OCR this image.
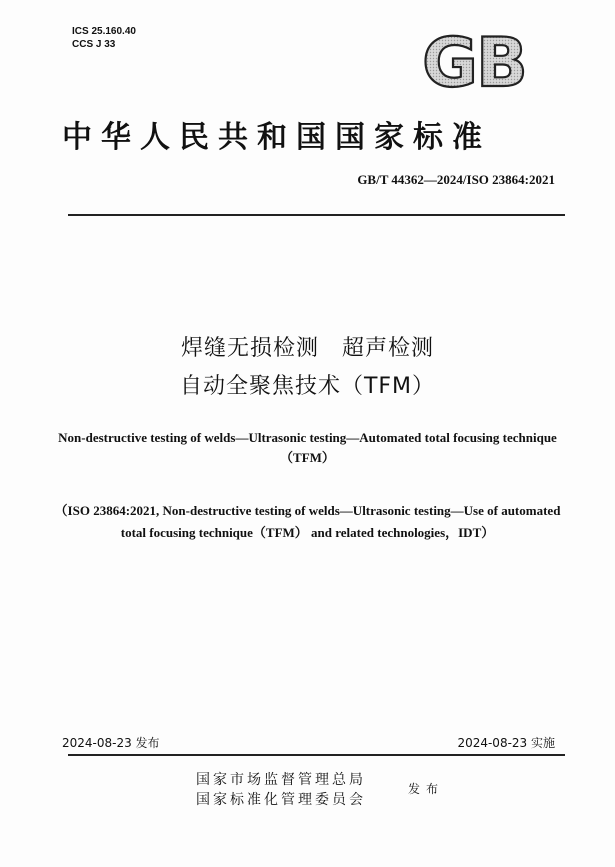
ICS 25.160.40
CCS J 33	GB
中华人民共和国国家标准
GB/T 44362—2024/ISO 23864:2021
焊缝无损检测　超声检测
自动全聚焦技术（TFM）
Non-destructive testing of welds—Ultrasonic testing—Automated total focusing technique（TFM）
（ISO 23864:2021, Non-destructive testing of welds—Ultrasonic testing—Use of automated total focusing technique（TFM） and related technologies，IDT）
2024-08-23 发布	2024-08-23 实施
国家市场监督管理总局
国家标准化管理委员会
发布
